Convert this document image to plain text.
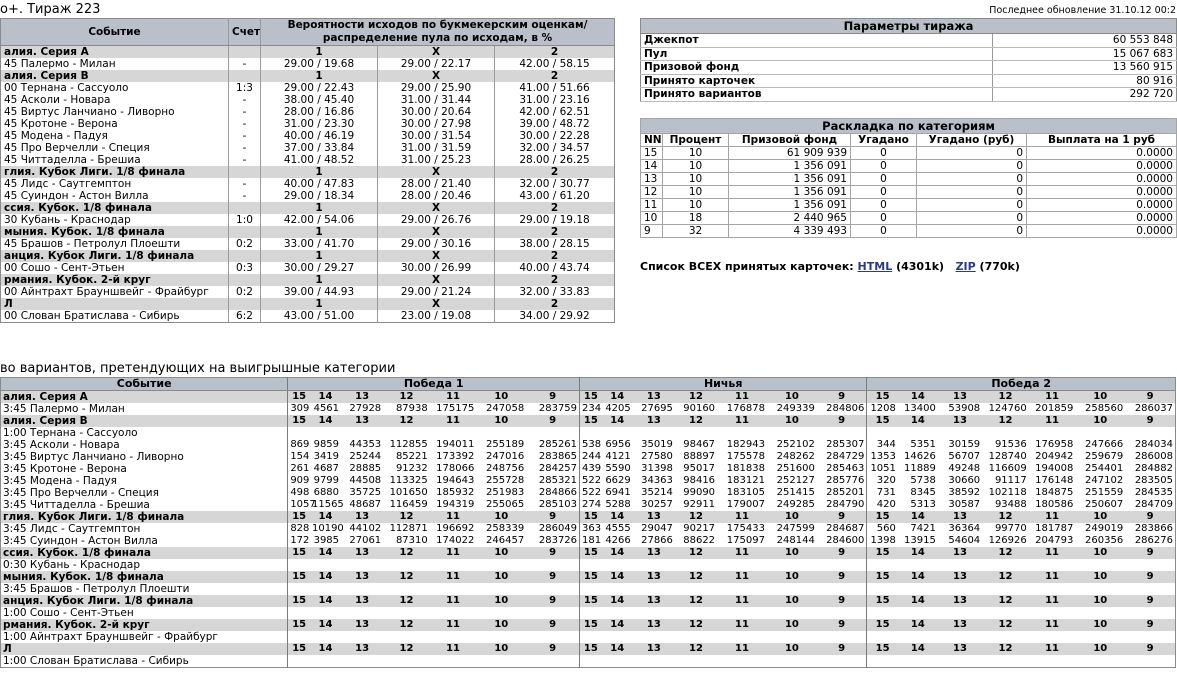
о+. Тираж 223	Последнее обновление 31.10.12 00:2
Событие	Счет	Вероятности исходов по букмекерским оценкам/ распределение пула по исходам, в %		
алия. Серия А		1	X	2
45 Палермо - Милан	-	29.00 / 19.68	29.00 / 22.17	42.00 / 58.15
алия. Серия В		1	X	2
00 Тернана - Сассуоло	1:3	29.00 / 22.43	29.00 / 25.90	41.00 / 51.66
45 Асколи - Новара	-	38.00 / 45.40	31.00 / 31.44	31.00 / 23.16
45 Виртус Ланчиано - Ливорно	-	28.00 / 16.86	30.00 / 20.64	42.00 / 62.51
45 Кротоне - Верона	-	31.00 / 23.30	30.00 / 27.98	39.00 / 48.72
45 Модена - Падуя	-	40.00 / 46.19	30.00 / 31.54	30.00 / 22.28
45 Про Верчелли - Специя	-	37.00 / 33.84	31.00 / 31.59	32.00 / 34.57
45 Читтаделла - Брешиа	-	41.00 / 48.52	31.00 / 25.23	28.00 / 26.25
глия. Кубок Лиги. 1/8 финала		1	X	2
45 Лидс - Саутгемптон	-	40.00 / 47.83	28.00 / 21.40	32.00 / 30.77
45 Суиндон - Астон Вилла	-	29.00 / 18.34	28.00 / 20.46	43.00 / 61.20
ссия. Кубок. 1/8 финала		1	X	2
30 Кубань - Краснодар	1:0	42.00 / 54.06	29.00 / 26.76	29.00 / 19.18
мыния. Кубок. 1/8 финала		1	X	2
45 Брашов - Петролул Плоешти	0:2	33.00 / 41.70	29.00 / 30.16	38.00 / 28.15
анция. Кубок Лиги. 1/8 финала		1	X	2
00 Сошо - Сент-Этьен	0:3	30.00 / 29.27	30.00 / 26.99	40.00 / 43.74
рмания. Кубок. 2-й круг		1	X	2
00 Айнтрахт Брауншвейг - Фрайбург	0:2	39.00 / 44.93	29.00 / 21.24	32.00 / 33.83
Л		1	X	2
00 Слован Братислава - Сибирь	6:2	43.00 / 51.00	23.00 / 19.08	34.00 / 29.92
Параметры тиража	
Джекпот	60 553 848
Пул	15 067 683
Призовой фонд	13 560 915
Принято карточек	80 916
Принято вариантов	292 720
Раскладка по категориям					
NN	Процент	Призовой фонд	Угадано	Угадано (руб)	Выплата на 1 руб
15	10	61 909 939	0	0	0.0000
14	10	1 356 091	0	0	0.0000
13	10	1 356 091	0	0	0.0000
12	10	1 356 091	0	0	0.0000
11	10	1 356 091	0	0	0.0000
10	18	2 440 965	0	0	0.0000
9	32	4 339 493	0	0	0.0000
Список ВСЕХ принятых карточек: HTML (4301k) ZIP (770k)
во вариантов, претендующих на выигрышные категории
Событие	Победа 1							Ничья							Победа 2						
алия. Серия А	15	14	13	12	11	10	9	15	14	13	12	11	10	9	15	14	13	12	11	10	9
3:45 Палермо - Милан	309	4561	27928	87938	175175	247058	283759	234	4205	27695	90160	176878	249339	284806	1208	13400	53908	124760	201859	258560	286037
алия. Серия В	15	14	13	12	11	10	9	15	14	13	12	11	10	9	15	14	13	12	11	10	9
1:00 Тернана - Сассуоло																					
3:45 Асколи - Новара	869	9859	44353	112855	194011	255189	285261	538	6956	35019	98467	182943	252102	285307	344	5351	30159	91536	176958	247666	284034
3:45 Виртус Ланчиано - Ливорно	154	3419	25244	85221	173392	247016	283865	244	4121	27580	88897	175578	248262	284729	1353	14626	56707	128740	204942	259679	286008
3:45 Кротоне - Верона	261	4687	28885	91232	178066	248756	284257	439	5590	31398	95017	181838	251600	285463	1051	11889	49248	116609	194008	254401	284882
3:45 Модена - Падуя	909	9799	44508	113325	194643	255728	285321	522	6629	34363	98416	183121	252127	285776	320	5738	30660	91117	176148	247102	283505
3:45 Про Верчелли - Специя	498	6880	35725	101650	185932	251983	284866	522	6941	35214	99090	183105	251415	285201	731	8345	38592	102118	184875	251559	284535
3:45 Читтаделла - Брешиа	1057	11565	48687	116459	194319	255065	285103	274	5288	30257	92911	179007	249285	284790	420	5313	30587	93488	180586	250607	284709
глия. Кубок Лиги. 1/8 финала	15	14	13	12	11	10	9	15	14	13	12	11	10	9	15	14	13	12	11	10	9
3:45 Лидс - Саутгемптон	828	10190	44102	112871	196692	258339	286049	363	4555	29047	90217	175433	247599	284687	560	7421	36364	99770	181787	249019	283866
3:45 Суиндон - Астон Вилла	172	3985	27061	87310	174022	246457	283726	181	4266	27866	88622	175097	248144	284600	1398	13915	54604	126926	204793	260356	286276
ссия. Кубок. 1/8 финала	15	14	13	12	11	10	9	15	14	13	12	11	10	9	15	14	13	12	11	10	9
0:30 Кубань - Краснодар																					
мыния. Кубок. 1/8 финала	15	14	13	12	11	10	9	15	14	13	12	11	10	9	15	14	13	12	11	10	9
3:45 Брашов - Петролул Плоешти																					
анция. Кубок Лиги. 1/8 финала	15	14	13	12	11	10	9	15	14	13	12	11	10	9	15	14	13	12	11	10	9
1:00 Сошо - Сент-Этьен																					
рмания. Кубок. 2-й круг	15	14	13	12	11	10	9	15	14	13	12	11	10	9	15	14	13	12	11	10	9
1:00 Айнтрахт Брауншвейг - Фрайбург																					
Л	15	14	13	12	11	10	9	15	14	13	12	11	10	9	15	14	13	12	11	10	9
1:00 Слован Братислава - Сибирь																					
